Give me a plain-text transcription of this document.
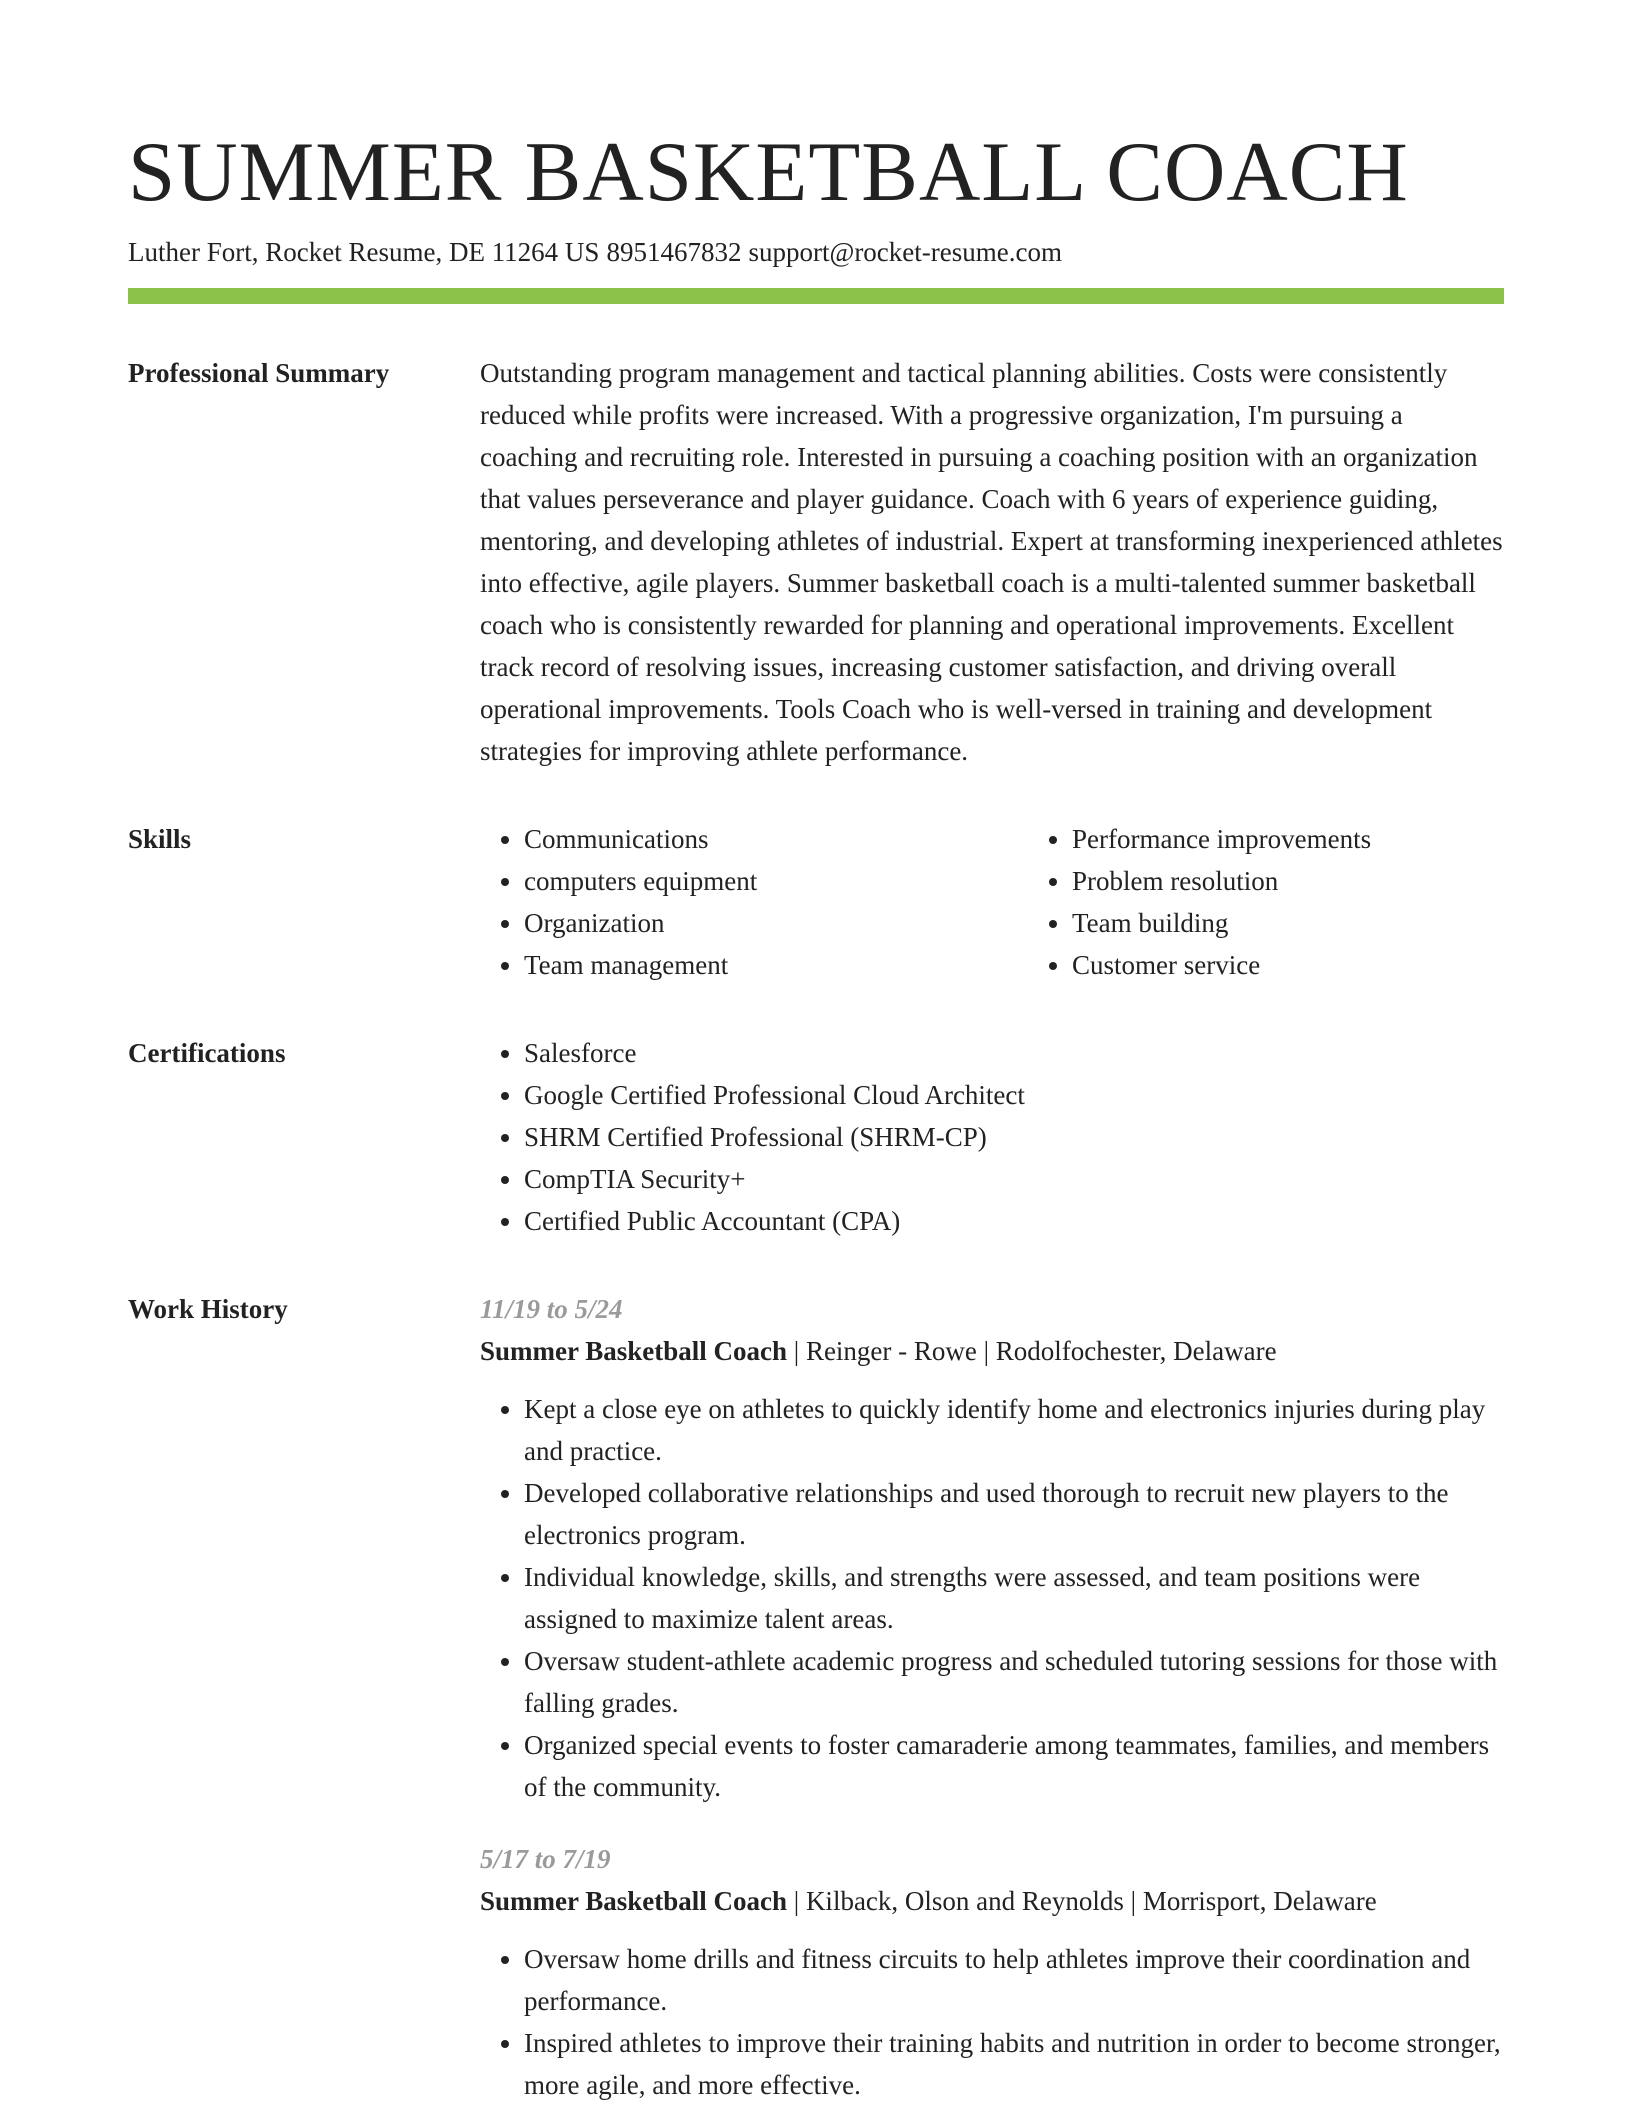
SUMMER BASKETBALL COACH
Luther Fort, Rocket Resume, DE 11264 US 8951467832 support@rocket-resume.com
Professional Summary	Outstanding program management and tactical planning abilities. Costs were consistently reduced while profits were increased. With a progressive organization, I'm pursuing a coaching and recruiting role. Interested in pursuing a coaching position with an organization that values perseverance and player guidance. Coach with 6 years of experience guiding, mentoring, and developing athletes of industrial. Expert at transforming inexperienced athletes into effective, agile players. Summer basketball coach is a multi-talented summer basketball coach who is consistently rewarded for planning and operational improvements. Excellent track record of resolving issues, increasing customer satisfaction, and driving overall operational improvements. Tools Coach who is well-versed in training and development strategies for improving athlete performance.

Skills	• Communications
• computers equipment
• Organization
• Team management
• Performance improvements
• Problem resolution
• Team building
• Customer service
Certifications	• Salesforce
• Google Certified Professional Cloud Architect
• SHRM Certified Professional (SHRM-CP)
• CompTIA Security+
• Certified Public Accountant (CPA)
Work History	11/19 to 5/24
Summer Basketball Coach | Reinger - Rowe | Rodolfochester, Delaware
• Kept a close eye on athletes to quickly identify home and electronics injuries during play and practice.
• Developed collaborative relationships and used thorough to recruit new players to the electronics program.
• Individual knowledge, skills, and strengths were assessed, and team positions were assigned to maximize talent areas.
• Oversaw student-athlete academic progress and scheduled tutoring sessions for those with falling grades.
• Organized special events to foster camaraderie among teammates, families, and members of the community.
5/17 to 7/19
Summer Basketball Coach | Kilback, Olson and Reynolds | Morrisport, Delaware
• Oversaw home drills and fitness circuits to help athletes improve their coordination and performance.
• Inspired athletes to improve their training habits and nutrition in order to become stronger, more agile, and more effective.
